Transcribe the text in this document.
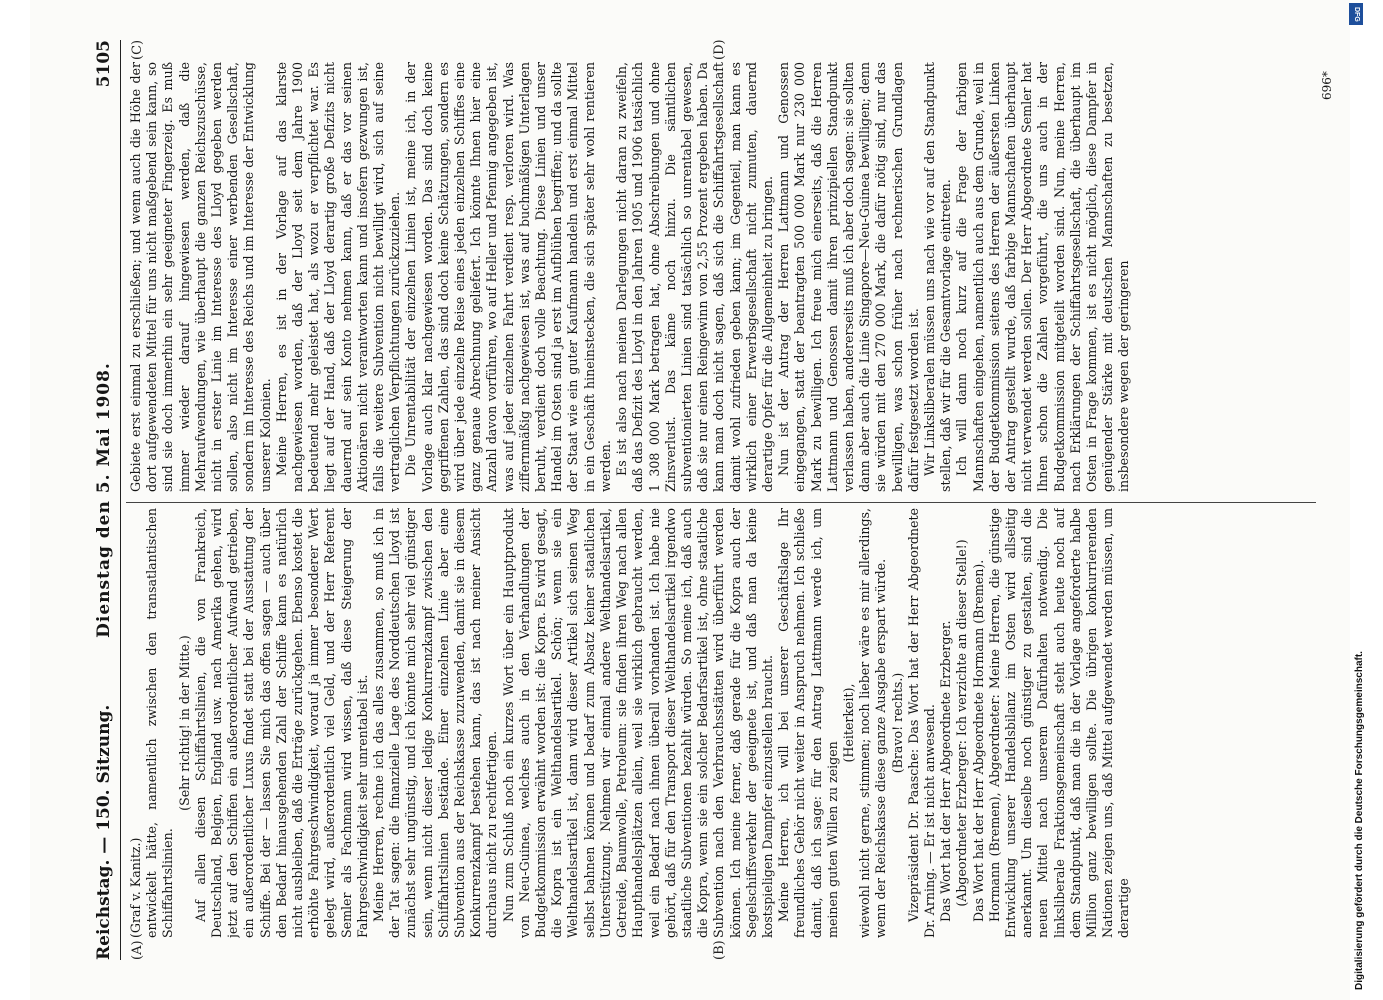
Reichstag. — 150. Sitzung.
Dienstag den 5. Mai 1908.
5105
(A)	(B)
(C)	(D)

(Graf v. Kanitz.) entwickelt hätte, namentlich zwischen den transatlantischen Schiffahrtslinien.

(Sehr richtig! in der Mitte.) Auf allen diesen Schiffahrtslinien, die von Frankreich, Deutschland, Belgien, England usw. nach Amerika gehen, wird jetzt auf den Schiffen ein außerordentlicher Aufwand getrieben, ein außerordentlicher Luxus findet statt bei der Ausstattung der Schiffe. Bei der — lassen Sie mich das offen sagen — auch über den Bedarf hinausgehenden Zahl der Schiffe kann es natürlich nicht ausbleiben, daß die Erträge zurückgehen. Ebenso kostet die erhöhte Fahrgeschwindigkeit, worauf ja immer besonderer Wert gelegt wird, außerordentlich viel Geld, und der Herr Referent Semler als Fachmann wird wissen, daß diese Steigerung der Fahrgeschwindigkeit sehr unrentabel ist. Meine Herren, rechne ich das alles zusammen, so muß ich in der Tat sagen: die finanzielle Lage des Norddeutschen Lloyd ist zunächst sehr ungünstig, und ich könnte mich sehr viel günstiger sein, wenn nicht dieser ledige Konkurrenzkampf zwischen den Schiffahrtslinien bestände. Einer einzelnen Linie aber eine Subvention aus der Reichskasse zuzuwenden, damit sie in diesem Konkurrenzkampf bestehen kann, das ist nach meiner Ansicht durchaus nicht zu rechtfertigen. Nun zum Schluß noch ein kurzes Wort über ein Hauptprodukt von Neu-Guinea, welches auch in den Verhandlungen der Budgetkommission erwähnt worden ist: die Kopra. Es wird gesagt, die Kopra ist ein Welthandelsartikel. Schön; wenn sie ein Welthandelsartikel ist, dann wird dieser Artikel sich seinen Weg selbst bahnen können und bedarf zum Absatz keiner staatlichen Unterstützung. Nehmen wir einmal andere Welthandelsartikel, Getreide, Baumwolle, Petroleum: sie finden ihren Weg nach allen Haupthandelsplätzen allein, weil sie wirklich gebraucht werden, weil ein Bedarf nach ihnen überall vorhanden ist. Ich habe nie gehört, daß für den Transport dieser Welthandelsartikel irgendwo staatliche Subventionen bezahlt würden. So meine ich, daß auch die Kopra, wenn sie ein solcher Bedarfsartikel ist, ohne staatliche Subvention nach den Verbrauchsstätten wird überführt werden können. Ich meine ferner, daß gerade für die Kopra auch der Segelschiffsverkehr der geeignete ist, und daß man da keine kostspieligen Dampfer einzustellen braucht. Meine Herren, ich will bei unserer Geschäftslage Ihr freundliches Gehör nicht weiter in Anspruch nehmen. Ich schließe damit, daß ich sage: für den Antrag Lattmann werde ich, um meinen guten Willen zu zeigen

(Heiterkeit), wiewohl nicht gerne, stimmen; noch lieber wäre es mir allerdings, wenn der Reichskasse diese ganze Ausgabe erspart würde. (Bravo! rechts.) Vizepräsident Dr. Paasche: Das Wort hat der Herr Abgeordnete Dr. Arning. — Er ist nicht anwesend. Das Wort hat der Herr Abgeordnete Erzberger. (Abgeordneter Erzberger: Ich verzichte an dieser Stelle!) Das Wort hat der Herr Abgeordnete Hormann (Bremen). Hormann (Bremen), Abgeordneter: Meine Herren, die günstige Entwicklung unserer Handelsbilanz im Osten wird allseitig anerkannt. Um dieselbe noch günstiger zu gestalten, sind die neuen Mittel nach unserem Dafürhalten notwendig. Die linksliberale Fraktionsgemeinschaft steht auch heute noch auf dem Standpunkt, daß man die in der Vorlage angeforderte halbe Million ganz bewilligen sollte. Die übrigen konkurrierenden Nationen zeigen uns, daß Mittel aufgewendet werden müssen, um derartige

Gebiete erst einmal zu erschließen; und wenn auch die Höhe der dort aufgewendeten Mittel für uns nicht maßgebend sein kann, so sind sie doch immerhin ein sehr geeigneter Fingerzeig. Es muß immer wieder darauf hingewiesen werden, daß die Mehraufwendungen, wie überhaupt die ganzen Reichszuschüsse, nicht in erster Linie im Interesse des Lloyd gegeben werden sollen, also nicht im Interesse einer werbenden Gesellschaft, sondern im Interesse des Reichs und im Interesse der Entwicklung unserer Kolonien. Meine Herren, es ist in der Vorlage auf das klarste nachgewiesen worden, daß der Lloyd seit dem Jahre 1900 bedeutend mehr geleistet hat, als wozu er verpflichtet war. Es liegt auf der Hand, daß der Lloyd derartig große Defizits nicht dauernd auf sein Konto nehmen kann, daß er das vor seinen Aktionären nicht verantworten kann und insofern gezwungen ist, falls die weitere Subvention nicht bewilligt wird, sich auf seine vertraglichen Verpflichtungen zurückzuziehen. Die Unrentabilität der einzelnen Linien ist, meine ich, in der Vorlage auch klar nachgewiesen worden. Das sind doch keine gegriffenen Zahlen, das sind doch keine Schätzungen, sondern es wird über jede einzelne Reise eines jeden einzelnen Schiffes eine ganz genaue Abrechnung geliefert. Ich könnte Ihnen hier eine Anzahl davon vorführen, wo auf Heller und Pfennig angegeben ist, was auf jeder einzelnen Fahrt verdient resp. verloren wird. Was ziffernmäßig nachgewiesen ist, was auf buchmäßigen Unterlagen beruht, verdient doch volle Beachtung. Diese Linien und unser Handel im Osten sind ja erst im Aufblühen begriffen; und da sollte der Staat wie ein guter Kaufmann handeln und erst einmal Mittel in ein Geschäft hineinstecken, die sich später sehr wohl rentieren werden. Es ist also nach meinen Darlegungen nicht daran zu zweifeln, daß das Defizit des Lloyd in den Jahren 1905 und 1906 tatsächlich 1 308 000 Mark betragen hat, ohne Abschreibungen und ohne Zinsverlust. Das käme noch hinzu. Die sämtlichen subventionierten Linien sind tatsächlich so unrentabel gewesen, daß sie nur einen Reingewinn von 2,55 Prozent ergeben haben. Da kann man doch nicht sagen, daß sich die Schiffahrtsgesellschaft damit wohl zufrieden geben kann; im Gegenteil, man kann es wirklich einer Erwerbsgesellschaft nicht zumuten, dauernd derartige Opfer für die Allgemeinheit zu bringen. Nun ist der Antrag der Herren Lattmann und Genossen eingegangen, statt der beantragten 500 000 Mark nur 230 000 Mark zu bewilligen. Ich freue mich einerseits, daß die Herren Lattmann und Genossen damit ihren prinzipiellen Standpunkt verlassen haben, andererseits muß ich aber doch sagen: sie sollten dann aber auch die Linie Singapore—Neu-Guinea bewilligen; denn sie würden mit den 270 000 Mark, die dafür nötig sind, nur das bewilligen, was schon früher nach rechnerischen Grundlagen dafür festgesetzt worden ist. Wir Linksliberalen müssen uns nach wie vor auf den Standpunkt stellen, daß wir für die Gesamtvorlage eintreten. Ich will dann noch kurz auf die Frage der farbigen Mannschaften eingehen, namentlich auch aus dem Grunde, weil in der Budgetkommission seitens des Herren der äußersten Linken der Antrag gestellt wurde, daß farbige Mannschaften überhaupt nicht verwendet werden sollen. Der Herr Abgeordnete Semler hat Ihnen schon die Zahlen vorgeführt, die uns auch in der Budgetkommission mitgeteilt worden sind. Nun, meine Herren, nach Erklärungen der Schiffahrtsgesellschaft, die überhaupt im Osten in Frage kommen, ist es nicht möglich, diese Dampfer in genügender Stärke mit deutschen Mannschaften zu besetzen, insbesondere wegen der geringeren

696*
DFG
Digitalisierung gefördert durch die Deutsche Forschungsgemeinschaft.
